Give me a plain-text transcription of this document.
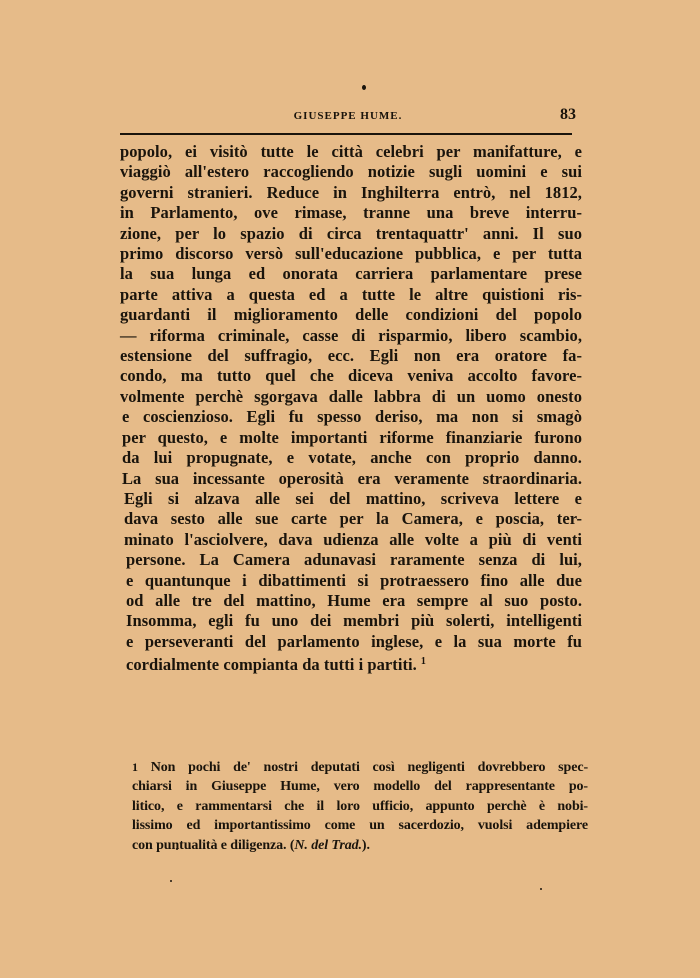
GIUSEPPE HUME.	83
popolo, ei visitò tutte le città celebri per manifatture, e
viaggiò all'estero raccogliendo notizie sugli uomini e sui
governi stranieri. Reduce in Inghilterra entrò, nel 1812,
in Parlamento, ove rimase, tranne una breve interru-
zione, per lo spazio di circa trentaquattr' anni. Il suo
primo discorso versò sull'educazione pubblica, e per tutta
la sua lunga ed onorata carriera parlamentare prese
parte attiva a questa ed a tutte le altre quistioni ris-
guardanti il miglioramento delle condizioni del popolo
— riforma criminale, casse di risparmio, libero scambio,
estensione del suffragio, ecc. Egli non era oratore fa-
condo, ma tutto quel che diceva veniva accolto favore-
volmente perchè sgorgava dalle labbra di un uomo onesto
e coscienzioso. Egli fu spesso deriso, ma non si smagò
per questo, e molte importanti riforme finanziarie furono
da lui propugnate, e votate, anche con proprio danno.
La sua incessante operosità era veramente straordinaria.
Egli si alzava alle sei del mattino, scriveva lettere e
dava sesto alle sue carte per la Camera, e poscia, ter-
minato l'asciolvere, dava udienza alle volte a più di venti
persone. La Camera adunavasi raramente senza di lui,
e quantunque i dibattimenti si protraessero fino alle due
od alle tre del mattino, Hume era sempre al suo posto.
Insomma, egli fu uno dei membri più solerti, intelligenti
e perseveranti del parlamento inglese, e la sua morte fu
cordialmente compianta da tutti i partiti. $^1$
1 Non pochi de' nostri deputati così negligenti dovrebbero spec-
chiarsi in Giuseppe Hume, vero modello del rappresentante po-
litico, e rammentarsi che il loro ufficio, appunto perchè è nobi-
lissimo ed importantissimo come un sacerdozio, vuolsi adempiere
con puntualità e diligenza. (N. del Trad.).
